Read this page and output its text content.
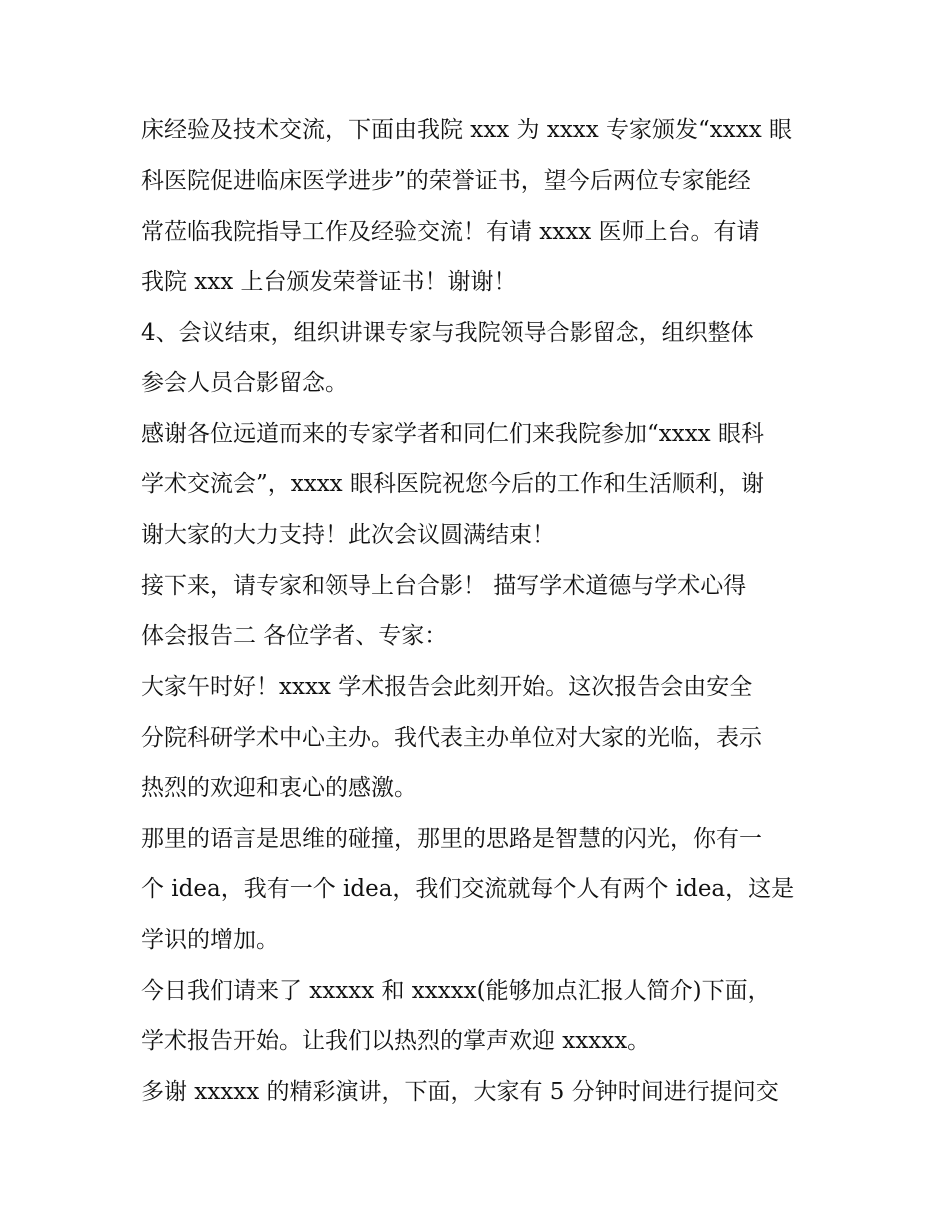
床经验及技术交流，下面由我院 xxx 为 xxxx 专家颁发“xxxx 眼
科医院促进临床医学进步”的荣誉证书，望今后两位专家能经
常莅临我院指导工作及经验交流！有请 xxxx 医师上台。有请
我院 xxx 上台颁发荣誉证书！谢谢！
4、会议结束，组织讲课专家与我院领导合影留念，组织整体
参会人员合影留念。
感谢各位远道而来的专家学者和同仁们来我院参加“xxxx 眼科
学术交流会”，xxxx 眼科医院祝您今后的工作和生活顺利，谢
谢大家的大力支持！此次会议圆满结束！
接下来，请专家和领导上台合影！ 描写学术道德与学术心得
体会报告二 各位学者、专家：
大家午时好！xxxx 学术报告会此刻开始。这次报告会由安全
分院科研学术中心主办。我代表主办单位对大家的光临，表示
热烈的欢迎和衷心的感激。
那里的语言是思维的碰撞，那里的思路是智慧的闪光，你有一
个 idea，我有一个 idea，我们交流就每个人有两个 idea，这是
学识的增加。
今日我们请来了 xxxxx 和 xxxxx(能够加点汇报人简介)下面，
学术报告开始。让我们以热烈的掌声欢迎 xxxxx。
多谢 xxxxx 的精彩演讲，下面，大家有 5 分钟时间进行提问交
